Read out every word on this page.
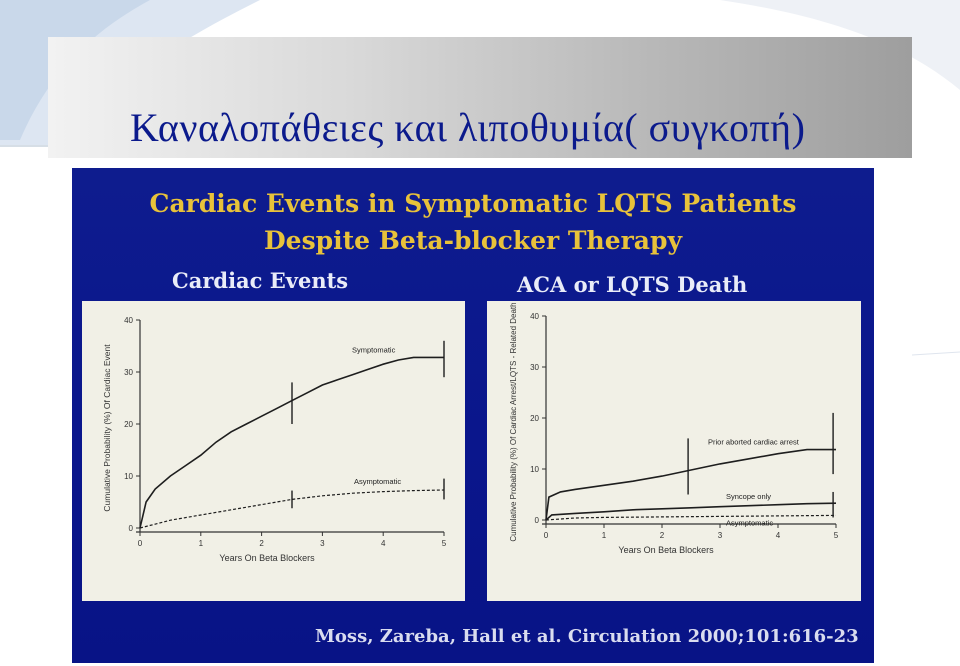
Καναλοπάθειες και λιποθυμία( συγκοπή)
Cardiac Events in Symptomatic LQTS Patients
Despite Beta-blocker Therapy
Cardiac Events	ACA or LQTS Death
0	1	2	3	4	5
0
10
20
30
40
Years On Beta Blockers
Cumulative Probability (%) Of Cardiac Event	Symptomatic
Asymptomatic
0	1	2	3	4	5
0
10
20
30
40
Years On Beta Blockers
Cumulative Probability (%) Of Cardiac Arrest/LQTS - Related Death	Prior aborted cardiac arrest
Syncope only
Asymptomatic
Moss, Zareba, Hall et al. Circulation 2000;101:616-23
